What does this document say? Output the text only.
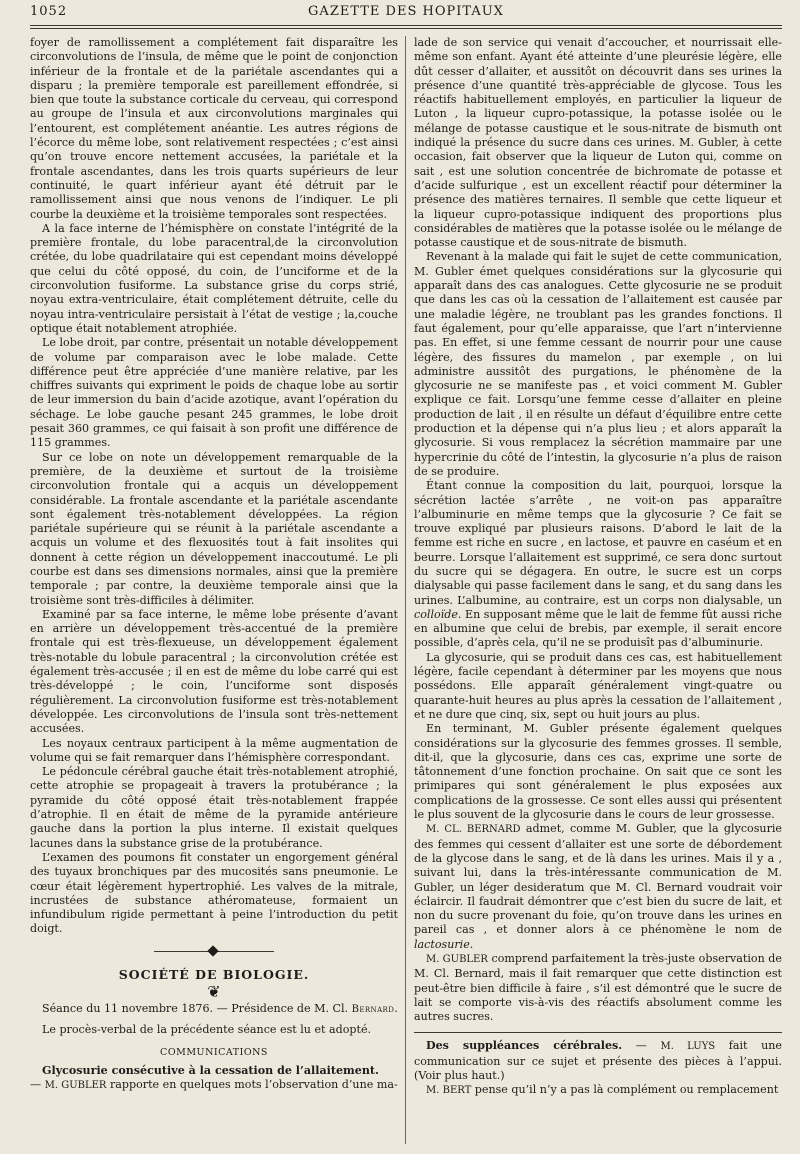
1052	GAZETTE DES HOPITAUX

foyer de ramollissement a complétement fait disparaître les circonvolutions de l’insula, de même que le point de conjonction inférieur de la frontale et de la pariétale ascendantes qui a disparu ; la première temporale est pareillement effondrée, si bien que toute la substance corticale du cerveau, qui correspond au groupe de l’insula et aux circonvolutions marginales qui l’entourent, est complétement anéantie. Les autres régions de l’écorce du même lobe, sont relativement respectées ; c’est ainsi qu’on trouve encore nettement accusées, la pariétale et la frontale ascendantes, dans les trois quarts supérieurs de leur continuité, le quart inférieur ayant été détruit par le ramollissement ainsi que nous venons de l’indiquer. Le pli courbe la deuxième et la troisième temporales sont respectées.

A la face interne de l’hémisphère on constate l’intégrité de la première frontale, du lobe paracentral,de la circonvolution crétée, du lobe quadrilataire qui est cependant moins développé que celui du côté opposé, du coin, de l’unciforme et de la circonvolution fusiforme. La substance grise du corps strié, noyau extra-ventriculaire, était complétement détruite, celle du noyau intra-ventriculaire persistait à l’état de vestige ; la,couche optique était notablement atrophiée.

Le lobe droit, par contre, présentait un notable développement de volume par comparaison avec le lobe malade. Cette différence peut être appréciée d’une manière relative, par les chiffres suivants qui expriment le poids de chaque lobe au sortir de leur immersion du bain d’acide azotique, avant l’opération du séchage. Le lobe gauche pesant 245 grammes, le lobe droit pesait 360 grammes, ce qui faisait à son profit une différence de 115 grammes.

Sur ce lobe on note un développement remarquable de la première, de la deuxième et surtout de la troisième circonvolution frontale qui a acquis un développement considérable. La frontale ascendante et la pariétale ascendante sont également très-notablement développées. La région pariétale supérieure qui se réunit à la pariétale ascendante a acquis un volume et des flexuosités tout à fait insolites qui donnent à cette région un développement inaccoutumé. Le pli courbe est dans ses dimensions normales, ainsi que la première temporale ; par contre, la deuxième temporale ainsi que la troisième sont très-difficiles à délimiter.

Examiné par sa face interne, le même lobe présente d’avant en arrière un développement très-accentué de la première frontale qui est très-flexueuse, un développement également très-notable du lobule paracentral ; la circonvolution crétée est également très-accusée ; il en est de même du lobe carré qui est très-développé ; le coin, l’unciforme sont disposés régulièrement. La circonvolution fusiforme est très-notablement développée. Les circonvolutions de l’insula sont très-nettement accusées.

Les noyaux centraux participent à la même augmentation de volume qui se fait remarquer dans l’hémisphère correspondant.

Le pédoncule cérébral gauche était très-notablement atrophié, cette atrophie se propageait à travers la protubérance ; la pyramide du côté opposé était très-notablement frappée d’atrophie. Il en était de même de la pyramide antérieure gauche dans la portion la plus interne. Il existait quelques lacunes dans la substance grise de la protubérance.

L’examen des poumons fit constater un engorgement général des tuyaux bronchiques par des mucosités sans pneumonie. Le cœur était légèrement hypertrophié. Les valves de la mitrale, incrustées de substance athéromateuse, formaient un infundibulum rigide permettant à peine l’introduction du petit doigt.

SOCIÉTÉ DE BIOLOGIE.
❦

Séance du 11 novembre 1876. — Présidence de M. Cl. Bernard.

Le procès-verbal de la précédente séance est lu et adopté.

COMMUNICATIONS

Glycosurie consécutive à la cessation de l’allaitement.

— M. GUBLER rapporte en quelques mots l’observation d’une ma-

lade de son service qui venait d’accoucher, et nourrissait elle-même son enfant. Ayant été atteinte d’une pleurésie légère, elle dût cesser d’allaiter, et aussitôt on découvrit dans ses urines la présence d’une quantité très-appréciable de glycose. Tous les réactifs habituellement employés, en particulier la liqueur de Luton , la liqueur cupro-potassique, la potasse isolée ou le mélange de potasse caustique et le sous-nitrate de bismuth ont indiqué la présence du sucre dans ces urines. M. Gubler, à cette occasion, fait observer que la liqueur de Luton qui, comme on sait , est une solution concentrée de bichromate de potasse et d’acide sulfurique , est un excellent réactif pour déterminer la présence des matières ternaires. Il semble que cette liqueur et la liqueur cupro-potassique indiquent des proportions plus considérables de matières que la potasse isolée ou le mélange de potasse caustique et de sous-nitrate de bismuth.

Revenant à la malade qui fait le sujet de cette communication, M. Gubler émet quelques considérations sur la glycosurie qui apparaît dans des cas analogues. Cette glycosurie ne se produit que dans les cas où la cessation de l’allaitement est causée par une maladie légère, ne troublant pas les grandes fonctions. Il faut également, pour qu’elle apparaisse, que l’art n’intervienne pas. En effet, si une femme cessant de nourrir pour une cause légère, des fissures du mamelon , par exemple , on lui administre aussitôt des purgations, le phénomène de la glycosurie ne se manifeste pas , et voici comment M. Gubler explique ce fait. Lorsqu’une femme cesse d’allaiter en pleine production de lait , il en résulte un défaut d’équilibre entre cette production et la dépense qui n’a plus lieu ; et alors apparaît la glycosurie. Si vous remplacez la sécrétion mammaire par une hypercrinie du côté de l’intestin, la glycosurie n’a plus de raison de se produire.

Étant connue la composition du lait, pourquoi, lorsque la sécrétion lactée s’arrête , ne voit-on pas apparaître l’albuminurie en même temps que la glycosurie ? Ce fait se trouve expliqué par plusieurs raisons. D’abord le lait de la femme est riche en sucre , en lactose, et pauvre en caséum et en beurre. Lorsque l’allaitement est supprimé, ce sera donc surtout du sucre qui se dégagera. En outre, le sucre est un corps dialysable qui passe facilement dans le sang, et du sang dans les urines. L’albumine, au contraire, est un corps non dialysable, un colloïde. En supposant même que le lait de femme fût aussi riche en albumine que celui de brebis, par exemple, il serait encore possible, d’après cela, qu’il ne se produisît pas d’albuminurie.

La glycosurie, qui se produit dans ces cas, est habituellement légère, facile cependant à déterminer par les moyens que nous possédons. Elle apparaît généralement vingt-quatre ou quarante-huit heures au plus après la cessation de l’allaitement , et ne dure que cinq, six, sept ou huit jours au plus.

En terminant, M. Gubler présente également quelques considérations sur la glycosurie des femmes grosses. Il semble, dit-il, que la glycosurie, dans ces cas, exprime une sorte de tâtonnement d’une fonction prochaine. On sait que ce sont les primipares qui sont généralement le plus exposées aux complications de la grossesse. Ce sont elles aussi qui présentent le plus souvent de la glycosurie dans le cours de leur grossesse.

M. CL. BERNARD admet, comme M. Gubler, que la glycosurie des femmes qui cessent d’allaiter est une sorte de débordement de la glycose dans le sang, et de là dans les urines. Mais il y a , suivant lui, dans la très-intéressante communication de M. Gubler, un léger desideratum que M. Cl. Bernard voudrait voir éclaircir. Il faudrait démontrer que c’est bien du sucre de lait, et non du sucre provenant du foie, qu’on trouve dans les urines en pareil cas , et donner alors à ce phénomène le nom de lactosurie.

M. GUBLER comprend parfaitement la très-juste observation de M. Cl. Bernard, mais il fait remarquer que cette distinction est peut-être bien difficile à faire , s’il est démontré que le sucre de lait se comporte vis-à-vis des réactifs absolument comme les autres sucres.

Des suppléances cérébrales. — M. LUYS fait une communication sur ce sujet et présente des pièces à l’appui. (Voir plus haut.)

M. BERT pense qu’il n’y a pas là complément ou remplacement
